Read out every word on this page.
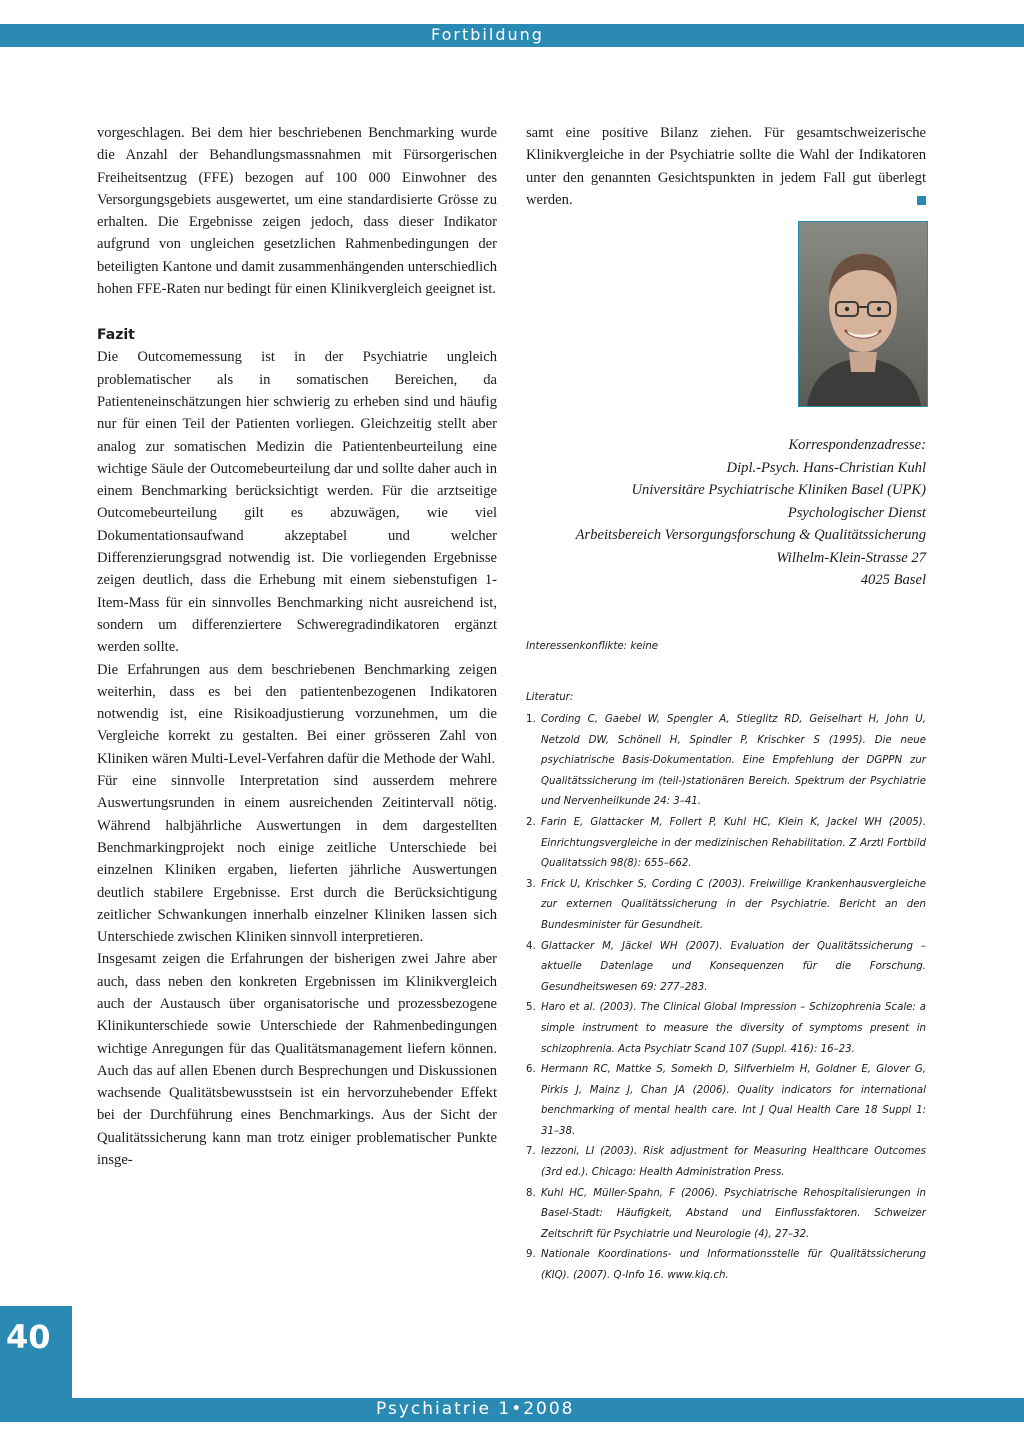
Fortbildung

vorgeschlagen. Bei dem hier beschriebenen Benchmarking wurde die Anzahl der Behandlungsmassnahmen mit Fürsorgerischen Freiheitsentzug (FFE) bezogen auf 100 000 Einwohner des Versorgungsgebiets ausgewertet, um eine standardisierte Grösse zu erhalten. Die Ergebnisse zeigen jedoch, dass dieser Indikator aufgrund von ungleichen gesetzlichen Rahmenbedingungen der beteiligten Kantone und damit zusammenhängenden unterschiedlich hohen FFE-Raten nur bedingt für einen Klinikvergleich geeignet ist.

Fazit

Die Outcomemessung ist in der Psychiatrie ungleich problematischer als in somatischen Bereichen, da Patienteneinschätzungen hier schwierig zu erheben sind und häufig nur für einen Teil der Patienten vorliegen. Gleichzeitig stellt aber analog zur somatischen Medizin die Patientenbeurteilung eine wichtige Säule der Outcomebeurteilung dar und sollte daher auch in einem Benchmarking berücksichtigt werden. Für die arztseitige Outcomebeurteilung gilt es abzuwägen, wie viel Dokumentationsaufwand akzeptabel und welcher Differenzierungsgrad notwendig ist. Die vorliegenden Ergebnisse zeigen deutlich, dass die Erhebung mit einem siebenstufigen 1-Item-Mass für ein sinnvolles Benchmarking nicht ausreichend ist, sondern um differenziertere Schweregradindikatoren ergänzt werden sollte.

Die Erfahrungen aus dem beschriebenen Benchmarking zeigen weiterhin, dass es bei den patientenbezogenen Indikatoren notwendig ist, eine Risikoadjustierung vorzunehmen, um die Vergleiche korrekt zu gestalten. Bei einer grösseren Zahl von Kliniken wären Multi-Level-Verfahren dafür die Methode der Wahl.

Für eine sinnvolle Interpretation sind ausserdem mehrere Auswertungsrunden in einem ausreichenden Zeitintervall nötig. Während halbjährliche Auswertungen in dem dargestellten Benchmarkingprojekt noch einige zeitliche Unterschiede bei einzelnen Kliniken ergaben, lieferten jährliche Auswertungen deutlich stabilere Ergebnisse. Erst durch die Berücksichtigung zeitlicher Schwankungen innerhalb einzelner Kliniken lassen sich Unterschiede zwischen Kliniken sinnvoll interpretieren.

Insgesamt zeigen die Erfahrungen der bisherigen zwei Jahre aber auch, dass neben den konkreten Ergebnissen im Klinikvergleich auch der Austausch über organisatorische und prozessbezogene Klinikunterschiede sowie Unterschiede der Rahmenbedingungen wichtige Anregungen für das Qualitätsmanagement liefern können. Auch das auf allen Ebenen durch Besprechungen und Diskussionen wachsende Qualitätsbewusstsein ist ein hervorzuhebender Effekt bei der Durchführung eines Benchmarkings. Aus der Sicht der Qualitätssicherung kann man trotz einiger problematischer Punkte insge-

samt eine positive Bilanz ziehen. Für gesamtschweizerische Klinikvergleiche in der Psychiatrie sollte die Wahl der Indikatoren unter den genannten Gesichtspunkten in jedem Fall gut überlegt werden.

Korrespondenzadresse:
Dipl.-Psych. Hans-Christian Kuhl
Universitäre Psychiatrische Kliniken Basel (UPK)
Psychologischer Dienst
Arbeitsbereich Versorgungsforschung & Qualitätssicherung
Wilhelm-Klein-Strasse 27
4025 Basel
Interessenkonflikte: keine
Literatur:
1. Cording C, Gaebel W, Spengler A, Stieglitz RD, Geiselhart H, John U, Netzold DW, Schönell H, Spindler P, Krischker S (1995). Die neue psychiatrische Basis-Dokumentation. Eine Empfehlung der DGPPN zur Qualitätssicherung im (teil-)stationären Bereich. Spektrum der Psychiatrie und Nervenheilkunde 24: 3–41.
2. Farin E, Glattacker M, Follert P, Kuhl HC, Klein K, Jackel WH (2005). Einrichtungsvergleiche in der medizinischen Rehabilitation. Z Arztl Fortbild Qualitatssich 98(8): 655–662.
3. Frick U, Krischker S, Cording C (2003). Freiwillige Krankenhausvergleiche zur externen Qualitätssicherung in der Psychiatrie. Bericht an den Bundesminister für Gesundheit.
4. Glattacker M, Jäckel WH (2007). Evaluation der Qualitätssicherung – aktuelle Datenlage und Konsequenzen für die Forschung. Gesundheitswesen 69: 277–283.
5. Haro et al. (2003). The Clinical Global Impression – Schizophrenia Scale: a simple instrument to measure the diversity of symptoms present in schizophrenia. Acta Psychiatr Scand 107 (Suppl. 416): 16–23.
6. Hermann RC, Mattke S, Somekh D, Silfverhielm H, Goldner E, Glover G, Pirkis J, Mainz J, Chan JA (2006). Quality indicators for international benchmarking of mental health care. Int J Qual Health Care 18 Suppl 1: 31–38.
7. Iezzoni, LI (2003). Risk adjustment for Measuring Healthcare Outcomes (3rd ed.). Chicago: Health Administration Press.
8. Kuhl HC, Müller-Spahn, F (2006). Psychiatrische Rehospitalisierungen in Basel-Stadt: Häufigkeit, Abstand und Einflussfaktoren. Schweizer Zeitschrift für Psychiatrie und Neurologie (4), 27–32.
9. Nationale Koordinations- und Informationsstelle für Qualitätssicherung (KIQ). (2007). Q-Info 16. www.kiq.ch.
40
Psychiatrie 1•2008
